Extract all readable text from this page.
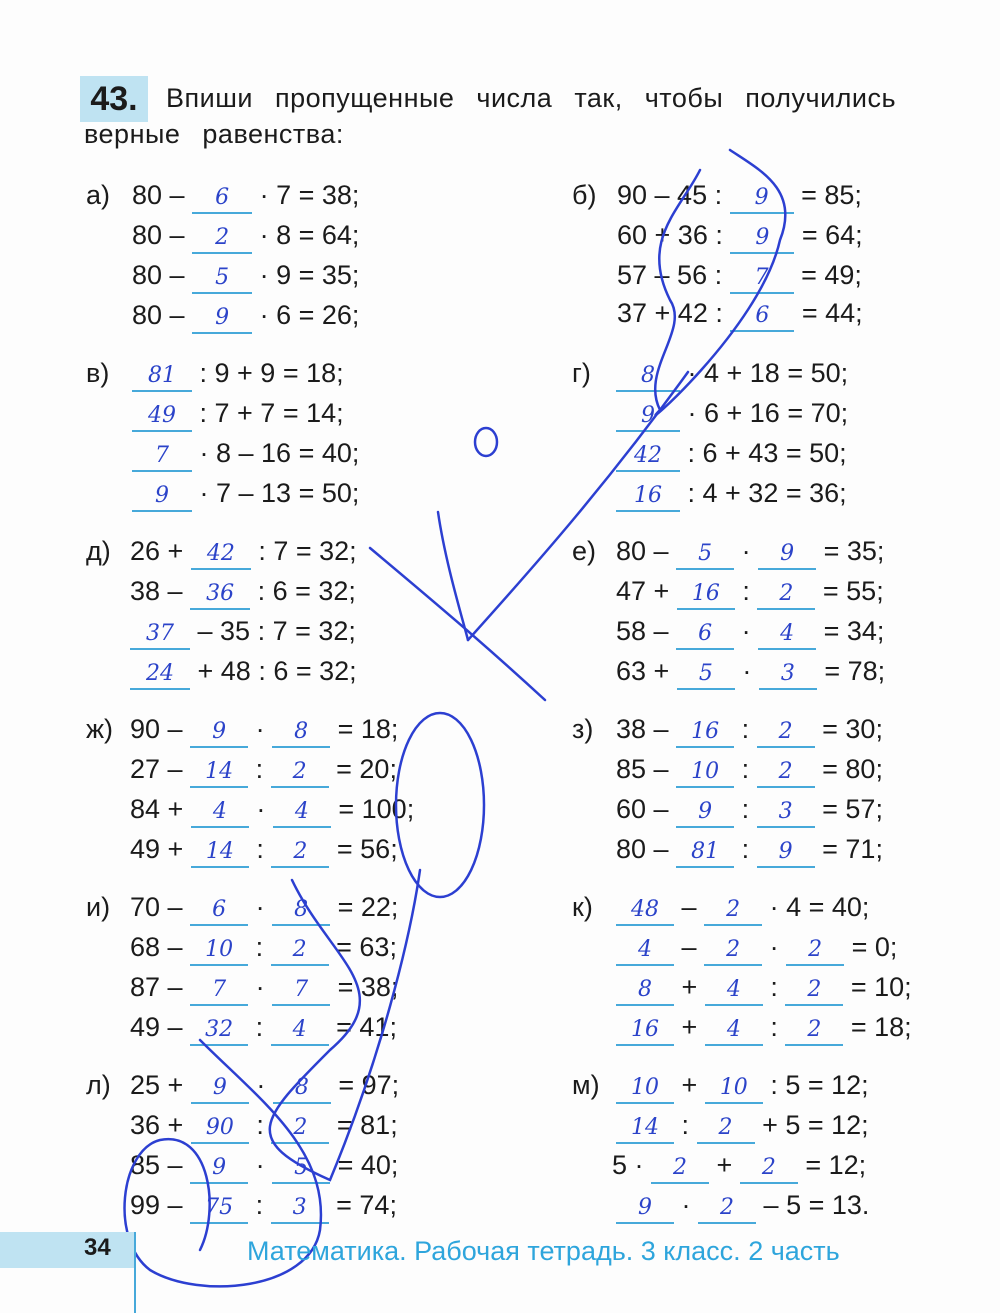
43.	Впиши пропущенные числа так, чтобы получились верные равенства:
а) 80 – 6 · 7 = 38;
80 – 2 · 8 = 64;
80 – 5 · 9 = 35;
80 – 9 · 6 = 26;
б) 90 – 45 : 9 = 85;
60 + 36 : 9 = 64;
57 – 56 : 7 = 49;
37 + 42 : 6 = 44;
в)	81 : 9 + 9 = 18;
49 : 7 + 7 = 14;
7 · 8 – 16 = 40;
9 · 7 – 13 = 50;
г)	8 · 4 + 18 = 50;
9 · 6 + 16 = 70;
42 : 6 + 43 = 50;
16 : 4 + 32 = 36;
д) 26 + 42 : 7 = 32;
38 – 36 : 6 = 32;
37 – 35 : 7 = 32;
24 + 48 : 6 = 32;
е) 80 – 5 · 9 = 35;
47 + 16 : 2 = 55;
58 – 6 · 4 = 34;
63 + 5 · 3 = 78;
ж) 90 – 9 · 8 = 18;
27 – 14 : 2 = 20;
84 + 4 · 4 = 100;
49 + 14 : 2 = 56;
з) 38 – 16 : 2 = 30;
85 – 10 : 2 = 80;
60 – 9 : 3 = 57;
80 – 81 : 9 = 71;
и) 70 – 6 · 8 = 22;
68 – 10 : 2 = 63;
87 – 7 · 7 = 38;
49 – 32 : 4 = 41;
к)	48 – 2 · 4 = 40;
4 – 2 · 2 = 0;
8 + 4 : 2 = 10;
16 + 4 : 2 = 18;
л) 25 + 9 · 8 = 97;
36 + 90 : 2 = 81;
85 – 9 · 5 = 40;
99 – 75 : 3 = 74;
м)	10 + 10 : 5 = 12;
14 : 2 + 5 = 12;
5 · 2 + 2 = 12;
9 · 2 – 5 = 13.
34	Математика. Рабочая тетрадь. 3 класс. 2 часть
